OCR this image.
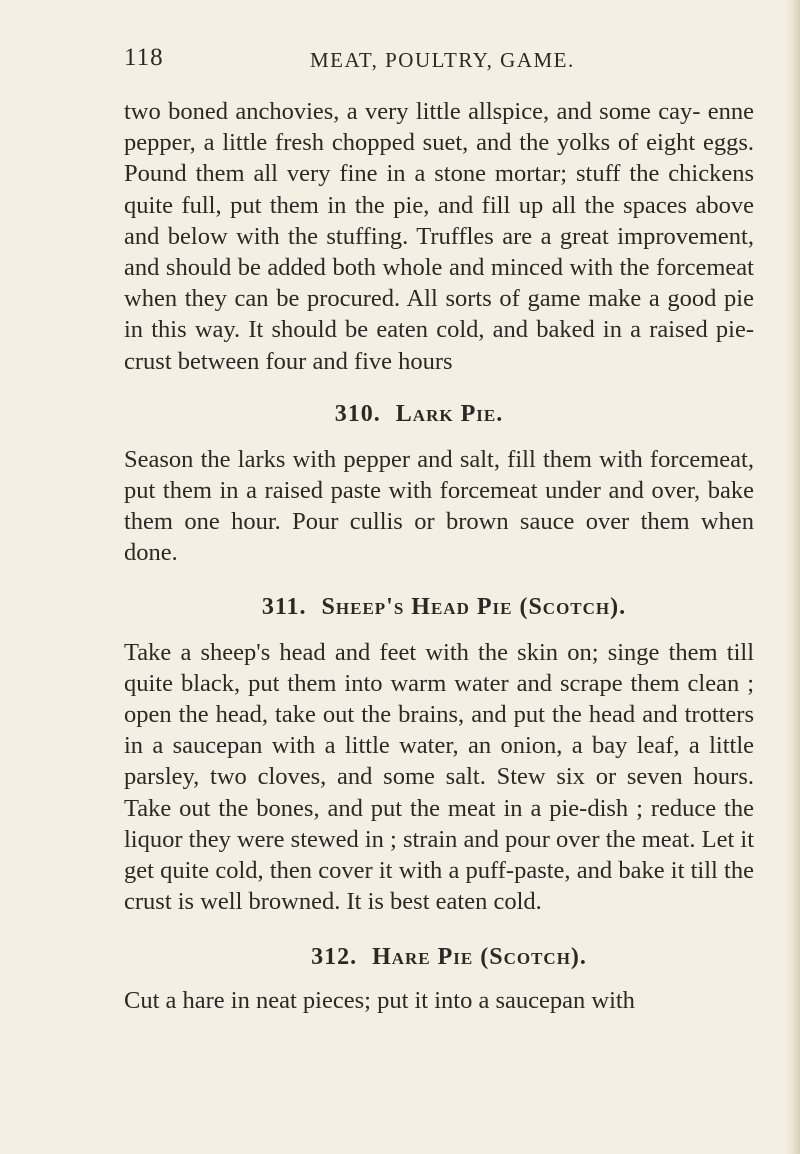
118	MEAT, POULTRY, GAME.

two boned anchovies, a very little allspice, and some cay- enne pepper, a little fresh chopped suet, and the yolks of eight eggs. Pound them all very fine in a stone mortar; stuff the chickens quite full, put them in the pie, and fill up all the spaces above and below with the stuffing. Truffles are a great improvement, and should be added both whole and minced with the forcemeat when they can be procured. All sorts of game make a good pie in this way. It should be eaten cold, and baked in a raised pie- crust between four and five hours

310. Lark Pie.

Season the larks with pepper and salt, fill them with forcemeat, put them in a raised paste with forcemeat under and over, bake them one hour. Pour cullis or brown sauce over them when done.

311. Sheep's Head Pie (Scotch).

Take a sheep's head and feet with the skin on; singe them till quite black, put them into warm water and scrape them clean ; open the head, take out the brains, and put the head and trotters in a saucepan with a little water, an onion, a bay leaf, a little parsley, two cloves, and some salt. Stew six or seven hours. Take out the bones, and put the meat in a pie-dish ; reduce the liquor they were stewed in ; strain and pour over the meat. Let it get quite cold, then cover it with a puff-paste, and bake it till the crust is well browned. It is best eaten cold.

312. Hare Pie (Scotch).

Cut a hare in neat pieces; put it into a saucepan with
